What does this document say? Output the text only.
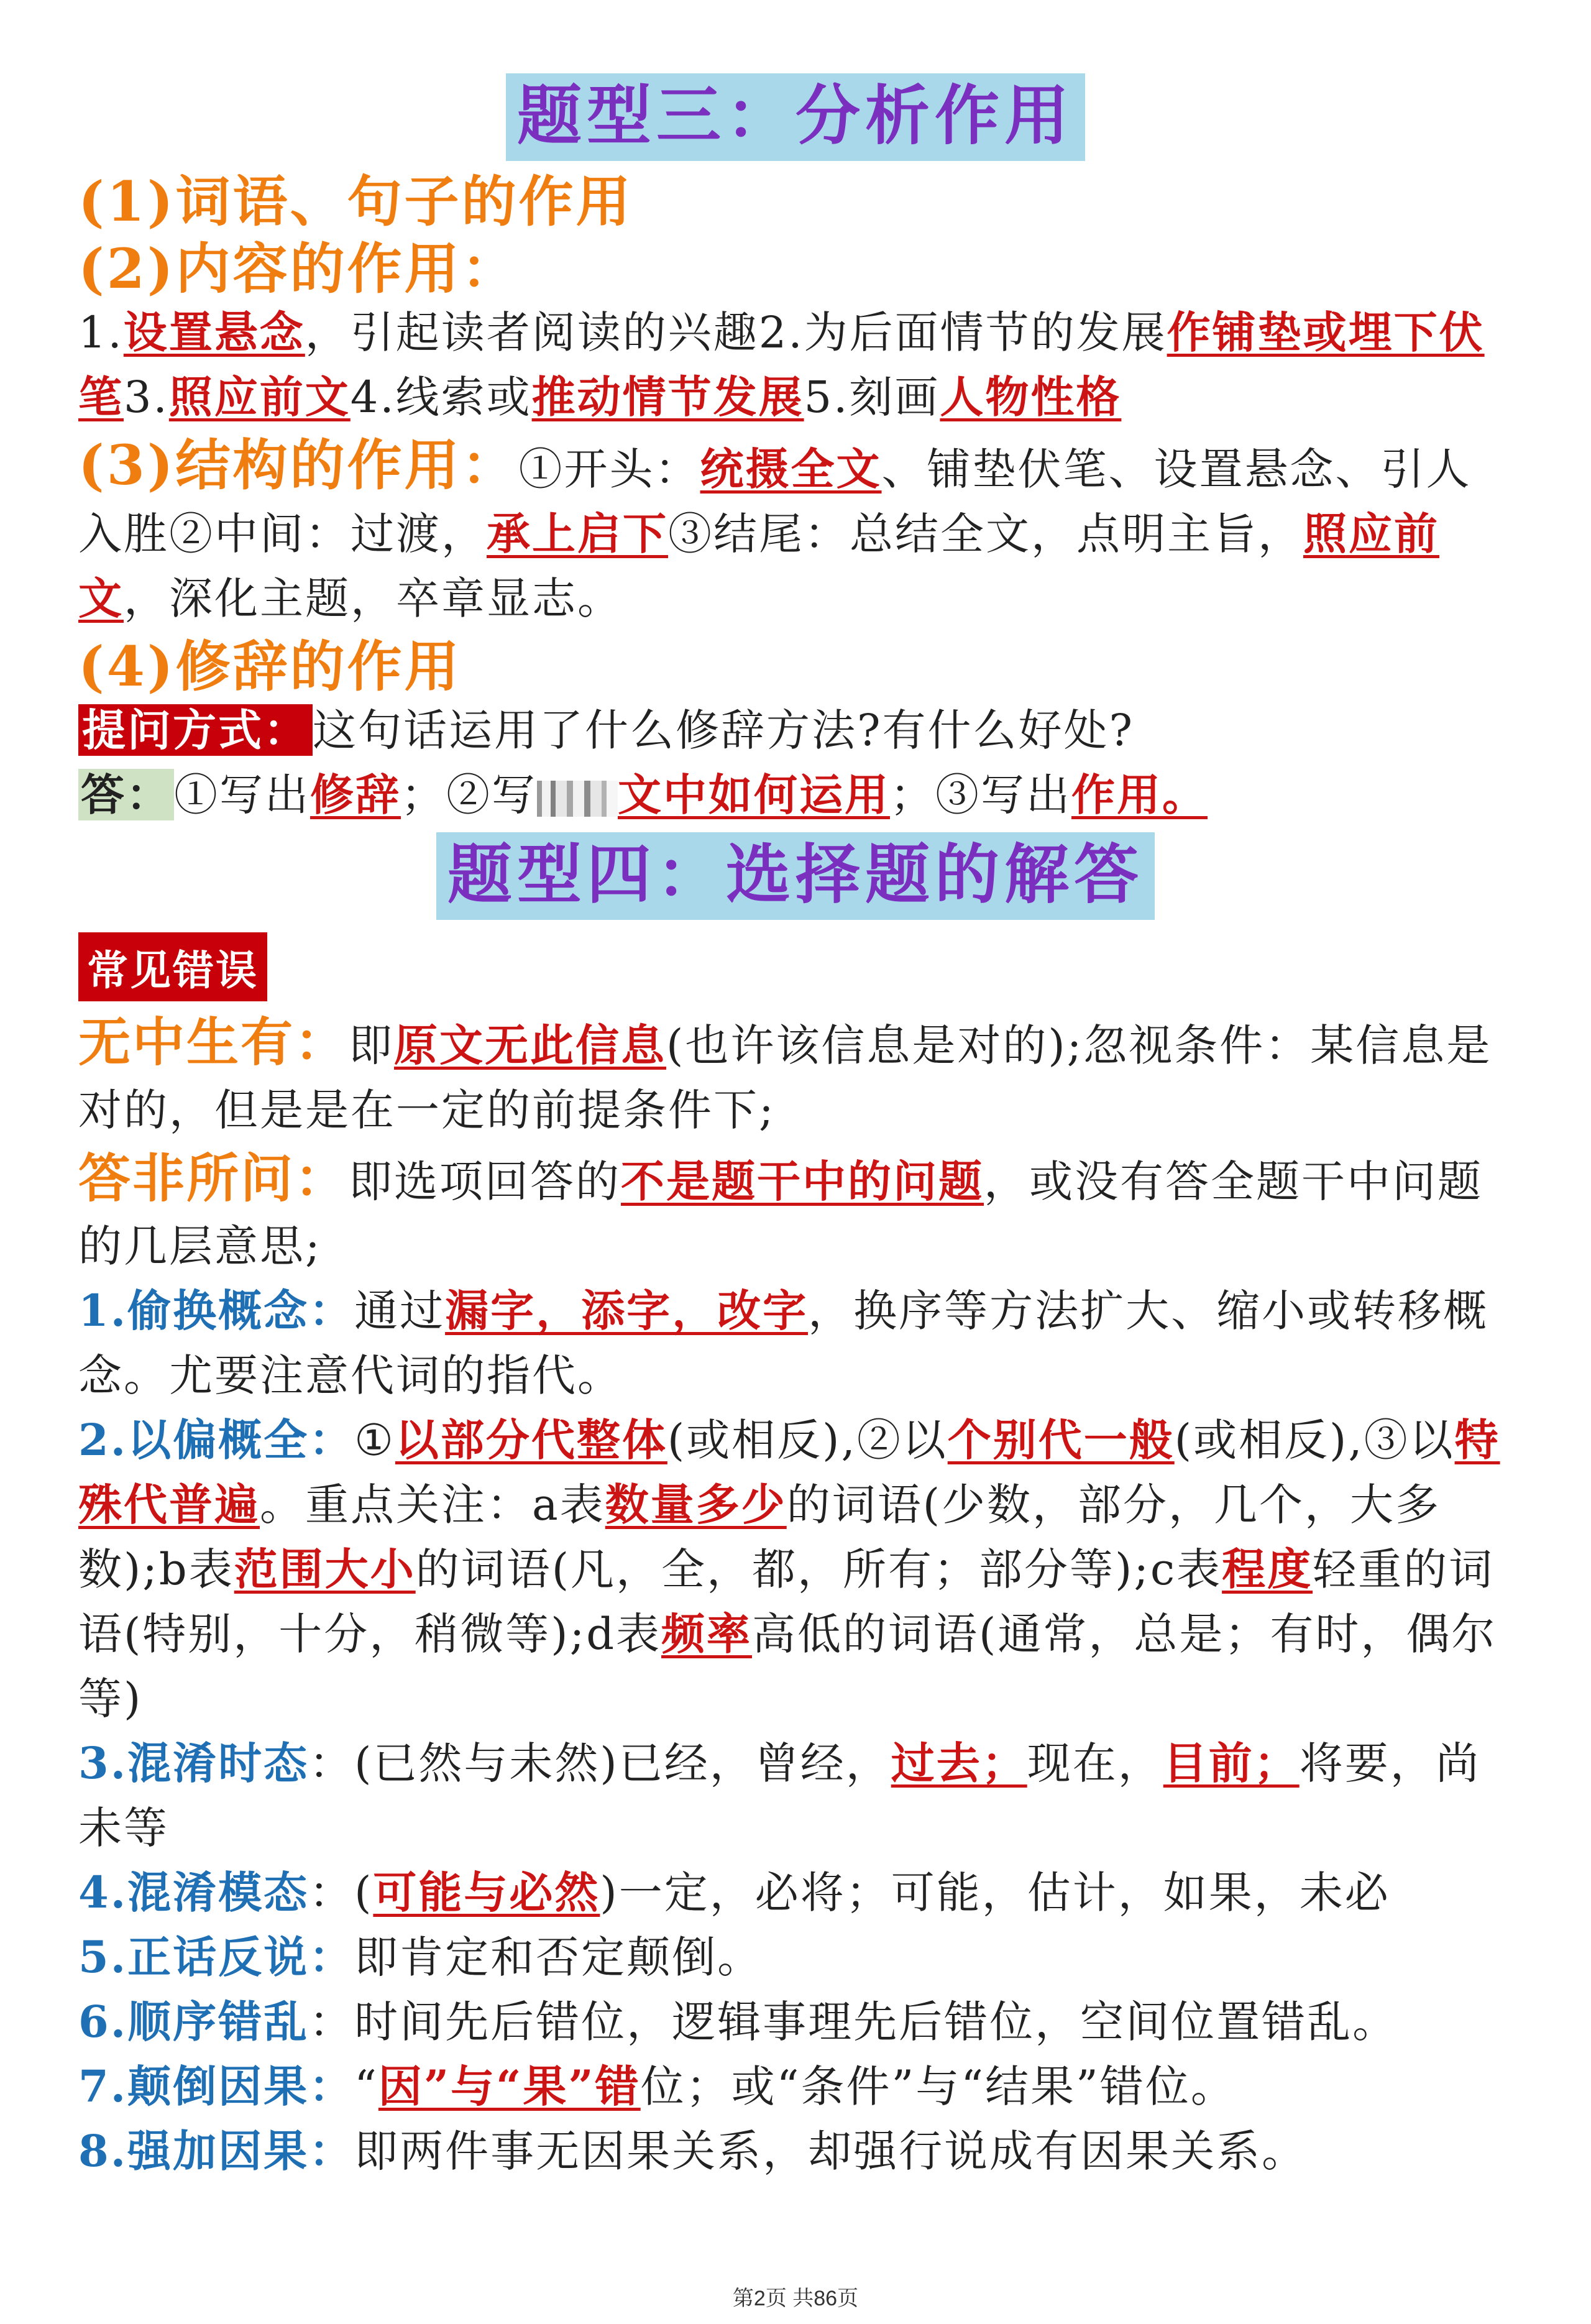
题型三：分析作用
(1)词语、句子的作用
(2)内容的作用：

1.设置悬念，引起读者阅读的兴趣2.为后面情节的发展作铺垫或埋下伏笔3.照应前文4.线索或推动情节发展5.刻画人物性格

(3)结构的作用：①开头：统摄全文、铺垫伏笔、设置悬念、引人入胜②中间：过渡，承上启下③结尾：总结全文，点明主旨，照应前文，深化主题，卒章显志。

(4)修辞的作用

提问方式：这句话运用了什么修辞方法?有什么好处?

答：①写出修辞；②写 文中如何运用；③写出作用。

题型四：选择题的解答
常见错误

无中生有：即原文无此信息(也许该信息是对的);忽视条件：某信息是对的，但是是在一定的前提条件下;

答非所问：即选项回答的不是题干中的问题，或没有答全题干中问题的几层意思;

1.偷换概念：通过漏字，添字，改字，换序等方法扩大、缩小或转移概念。尤要注意代词的指代。

2.以偏概全：①以部分代整体(或相反),②以个别代一般(或相反),③以特殊代普遍。重点关注：a表数量多少的词语(少数，部分，几个，大多数);b表范围大小的词语(凡，全，都，所有；部分等);c表程度轻重的词语(特别，十分，稍微等);d表频率高低的词语(通常，总是；有时，偶尔等)

3.混淆时态：(已然与未然)已经，曾经，过去；现在，目前；将要，尚未等

4.混淆模态：(可能与必然)一定，必将；可能，估计，如果，未必

5.正话反说：即肯定和否定颠倒。

6.顺序错乱：时间先后错位，逻辑事理先后错位，空间位置错乱。

7.颠倒因果：“因”与“果”错位；或“条件”与“结果”错位。

8.强加因果：即两件事无因果关系，却强行说成有因果关系。

第2页 共86页
